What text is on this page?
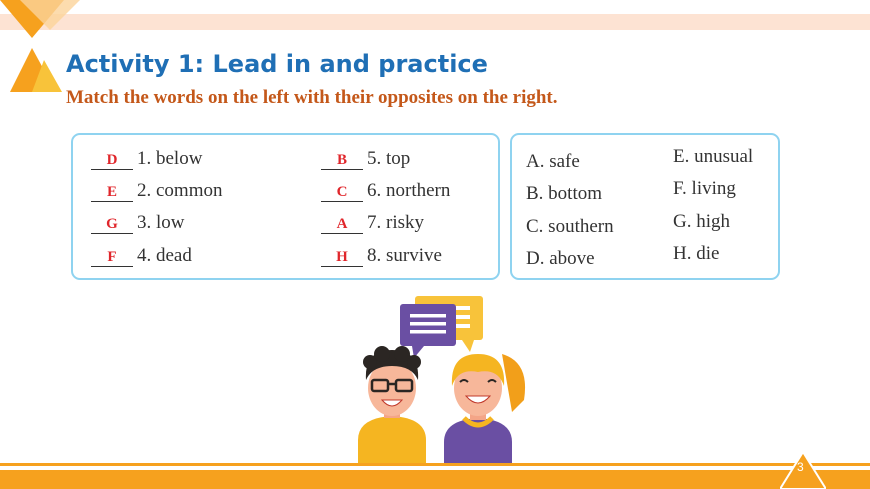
Activity 1: Lead in and practice

Match the words on the left with their opposites on the right.

D 1. below
E 2. common
G 3. low
F 4. dead
B 5. top
C 6. northern
A 7. risky
H 8. survive
A. safe
B. bottom
C. southern
D. above
E. unusual
F. living
G. high
H. die
3
